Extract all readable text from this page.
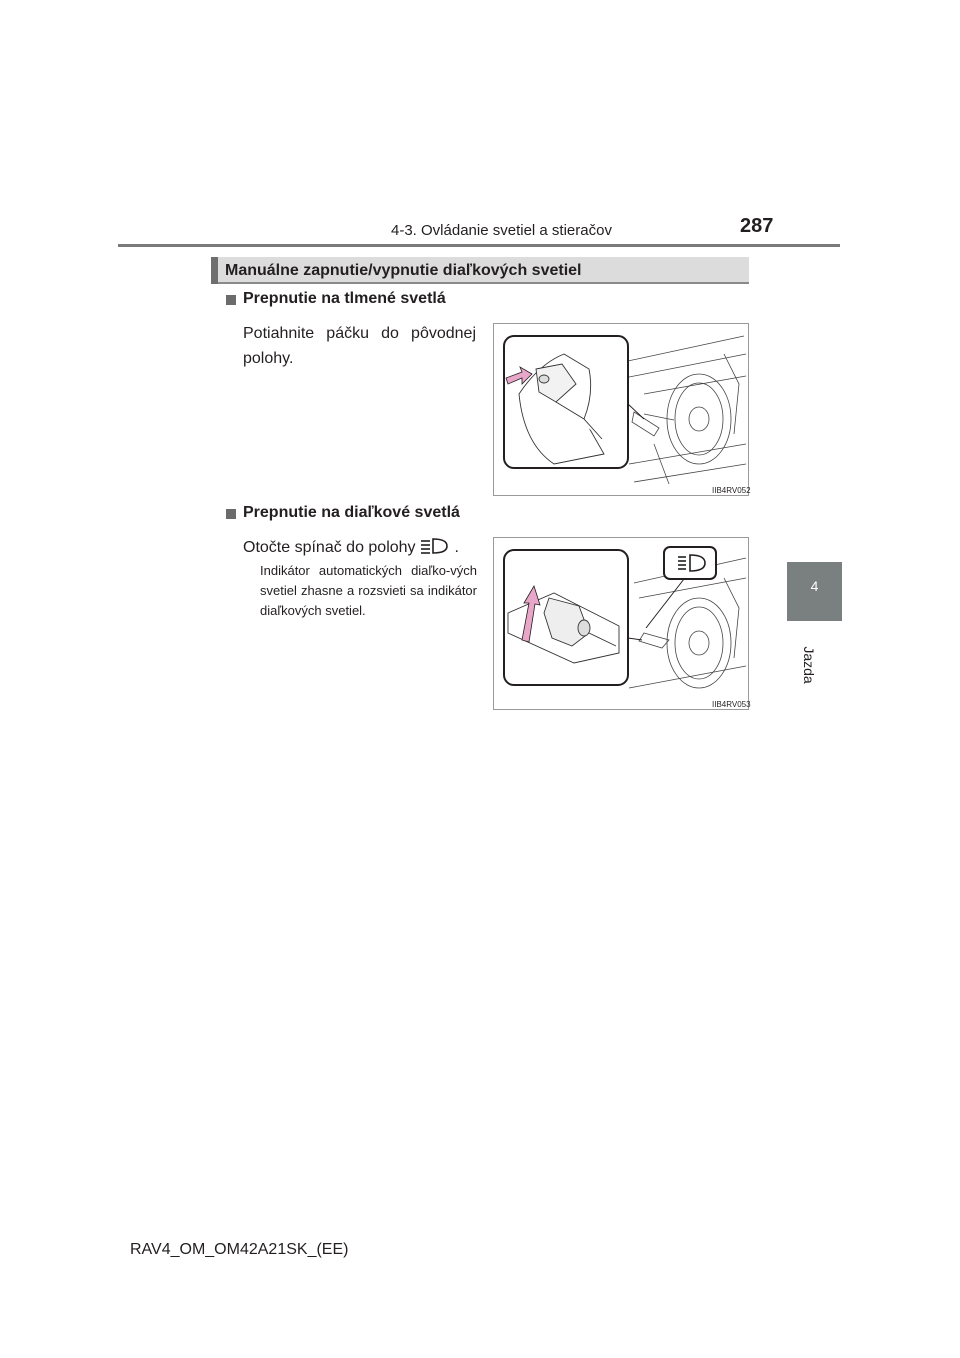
4-3. Ovládanie svetiel a stieračov	287
4
Jazda
Manuálne zapnutie/vypnutie diaľkových svetiel
Prepnutie na tlmené svetlá
Potiahnite páčku do pôvodnej polohy.
IIB4RV052
Prepnutie na diaľkové svetlá
Otočte spínač do polohy .
Indikátor automatických diaľko-vých svetiel zhasne a rozsvieti sa indikátor diaľkových svetiel.
IIB4RV053
RAV4_OM_OM42A21SK_(EE)
